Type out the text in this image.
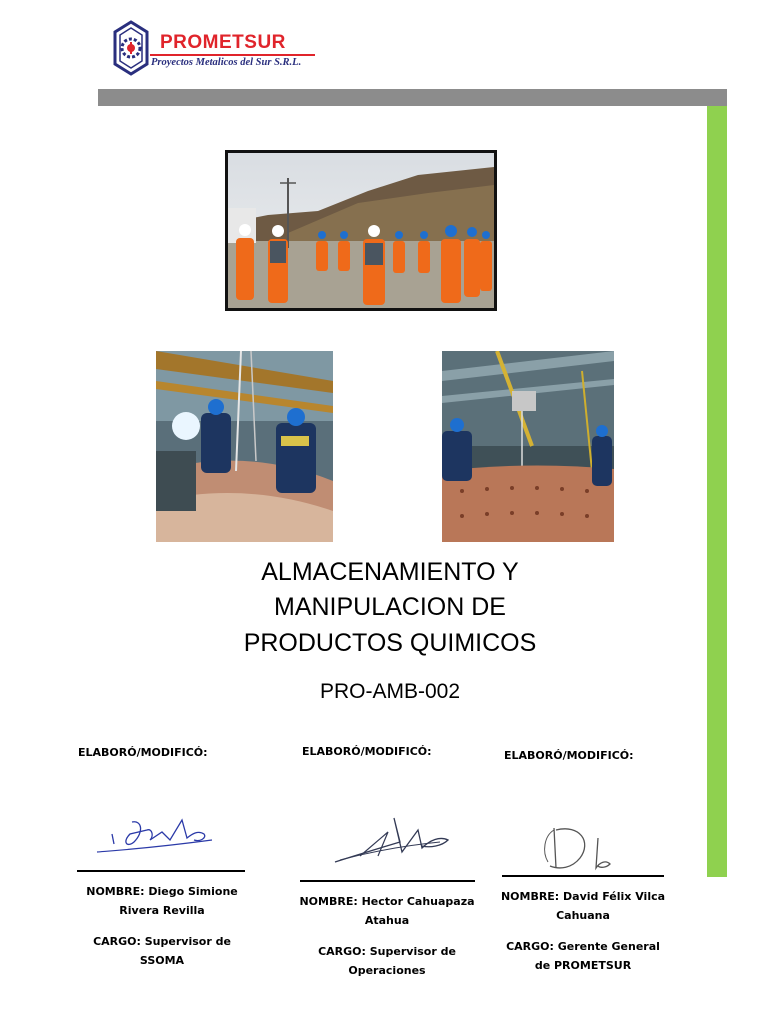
PROMETSUR
Proyectos Metalicos del Sur S.R.L.
ALMACENAMIENTO Y
MANIPULACION DE
PRODUCTOS QUIMICOS
PRO-AMB-002
ELABORÓ/MODIFICÓ:
NOMBRE: Diego Simione
Rivera Revilla
CARGO: Supervisor de
SSOMA
ELABORÓ/MODIFICÓ:
NOMBRE: Hector Cahuapaza
Atahua
CARGO: Supervisor de
Operaciones
ELABORÓ/MODIFICÓ:
NOMBRE: David Félix Vilca
Cahuana
CARGO: Gerente General
de PROMETSUR
